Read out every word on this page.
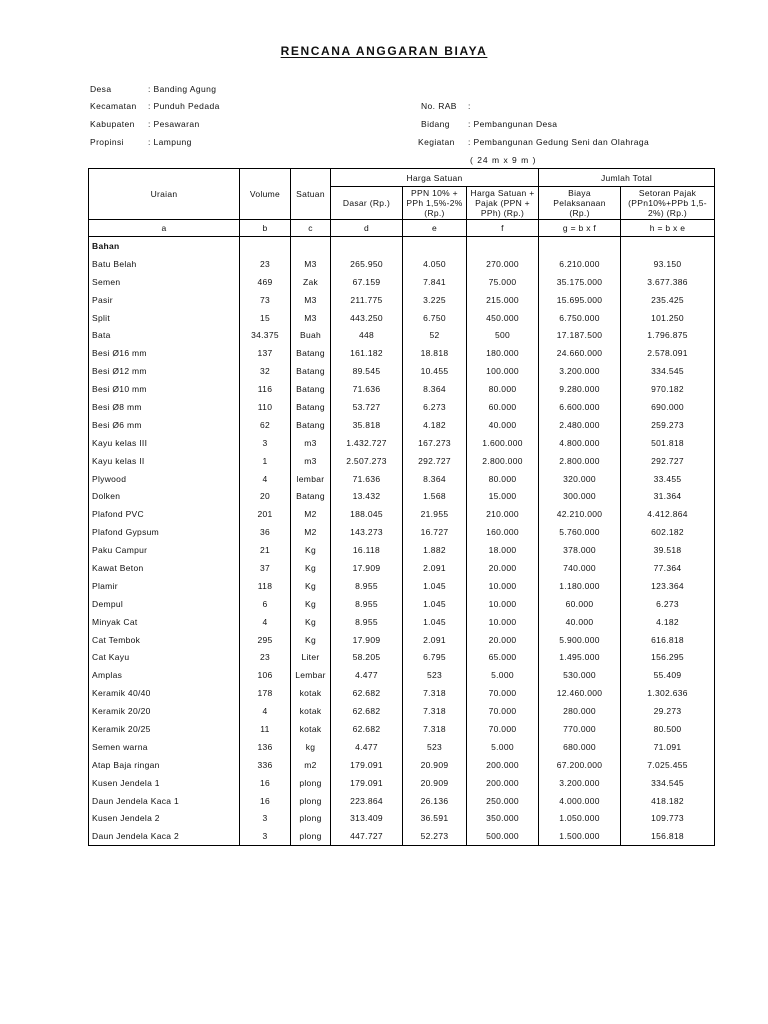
RENCANA ANGGARAN BIAYA
Desa	: Banding Agung
Kecamatan : Punduh Pedada
Kabupaten : Pesawaran
Propinsi	: Lampung
No. RAB :
Bidang : Pembangunan Desa
Kegiatan : Pembangunan Gedung Seni dan Olahraga
( 24 m x 9 m )
Uraian	Volume	Satuan	Harga Satuan			Jumlah Total	
			Dasar (Rp.)	PPN 10% + PPh 1,5%-2% (Rp.)	Harga Satuan + Pajak (PPN + PPh) (Rp.)	Biaya Pelaksanaan (Rp.)	Setoran Pajak (PPn10%+PPb 1,5-2%) (Rp.)
a	b	c	d	e	f	g = b x f	h = b x e
Bahan							
Batu Belah	23	M3	265.950	4.050	270.000	6.210.000	93.150
Semen	469	Zak	67.159	7.841	75.000	35.175.000	3.677.386
Pasir	73	M3	211.775	3.225	215.000	15.695.000	235.425
Split	15	M3	443.250	6.750	450.000	6.750.000	101.250
Bata	34.375	Buah	448	52	500	17.187.500	1.796.875
Besi Ø16 mm	137	Batang	161.182	18.818	180.000	24.660.000	2.578.091
Besi Ø12 mm	32	Batang	89.545	10.455	100.000	3.200.000	334.545
Besi Ø10 mm	116	Batang	71.636	8.364	80.000	9.280.000	970.182
Besi Ø8 mm	110	Batang	53.727	6.273	60.000	6.600.000	690.000
Besi Ø6 mm	62	Batang	35.818	4.182	40.000	2.480.000	259.273
Kayu kelas III	3	m3	1.432.727	167.273	1.600.000	4.800.000	501.818
Kayu kelas II	1	m3	2.507.273	292.727	2.800.000	2.800.000	292.727
Plywood	4	lembar	71.636	8.364	80.000	320.000	33.455
Dolken	20	Batang	13.432	1.568	15.000	300.000	31.364
Plafond PVC	201	M2	188.045	21.955	210.000	42.210.000	4.412.864
Plafond Gypsum	36	M2	143.273	16.727	160.000	5.760.000	602.182
Paku Campur	21	Kg	16.118	1.882	18.000	378.000	39.518
Kawat Beton	37	Kg	17.909	2.091	20.000	740.000	77.364
Plamir	118	Kg	8.955	1.045	10.000	1.180.000	123.364
Dempul	6	Kg	8.955	1.045	10.000	60.000	6.273
Minyak Cat	4	Kg	8.955	1.045	10.000	40.000	4.182
Cat Tembok	295	Kg	17.909	2.091	20.000	5.900.000	616.818
Cat Kayu	23	Liter	58.205	6.795	65.000	1.495.000	156.295
Amplas	106	Lembar	4.477	523	5.000	530.000	55.409
Keramik 40/40	178	kotak	62.682	7.318	70.000	12.460.000	1.302.636
Keramik 20/20	4	kotak	62.682	7.318	70.000	280.000	29.273
Keramik 20/25	11	kotak	62.682	7.318	70.000	770.000	80.500
Semen warna	136	kg	4.477	523	5.000	680.000	71.091
Atap Baja ringan	336	m2	179.091	20.909	200.000	67.200.000	7.025.455
Kusen Jendela 1	16	plong	179.091	20.909	200.000	3.200.000	334.545
Daun Jendela Kaca 1	16	plong	223.864	26.136	250.000	4.000.000	418.182
Kusen Jendela 2	3	plong	313.409	36.591	350.000	1.050.000	109.773
Daun Jendela Kaca 2	3	plong	447.727	52.273	500.000	1.500.000	156.818
